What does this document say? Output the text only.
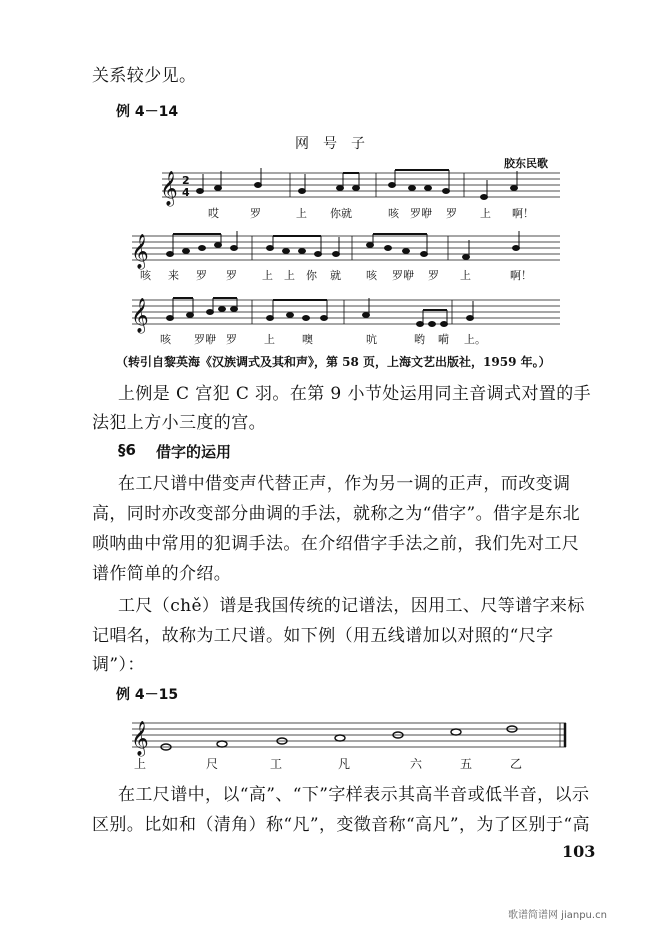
关系较少见。
例 4－14
网　号　子
胶东民歌
𝄞
𝄞
𝄞
𝄞
2
4
哎	罗	上 你就	咳 罗咿 罗 上 啊！
咳 来 罗 罗 上 上 你 就 咳 罗咿 罗 上	啊！
咳 罗咿 罗 上 噢	吭	哟 嗬 上。
（转引自黎英海《汉族调式及其和声》，第 58 页，上海文艺出版社，1959 年。）
上例是 C 宫犯 C 羽。在第 9 小节处运用同主音调式对置的手
法犯上方小三度的宫。
§6 借字的运用
在工尺谱中借变声代替正声，作为另一调的正声，而改变调
高，同时亦改变部分曲调的手法，就称之为“借字”。借字是东北
唢呐曲中常用的犯调手法。在介绍借字手法之前，我们先对工尺
谱作简单的介绍。
工尺（chě）谱是我国传统的记谱法，因用工、尺等谱字来标
记唱名，故称为工尺谱。如下例（用五线谱加以对照的“尺字
调”）：
例 4－15
上	尺	工	凡	六	五	乙
在工尺谱中，以“高”、“下”字样表示其高半音或低半音，以示
区别。比如和（清角）称“凡”，变徵音称“高凡”，为了区别于“高
103
歌谱简谱网 jianpu.cn
